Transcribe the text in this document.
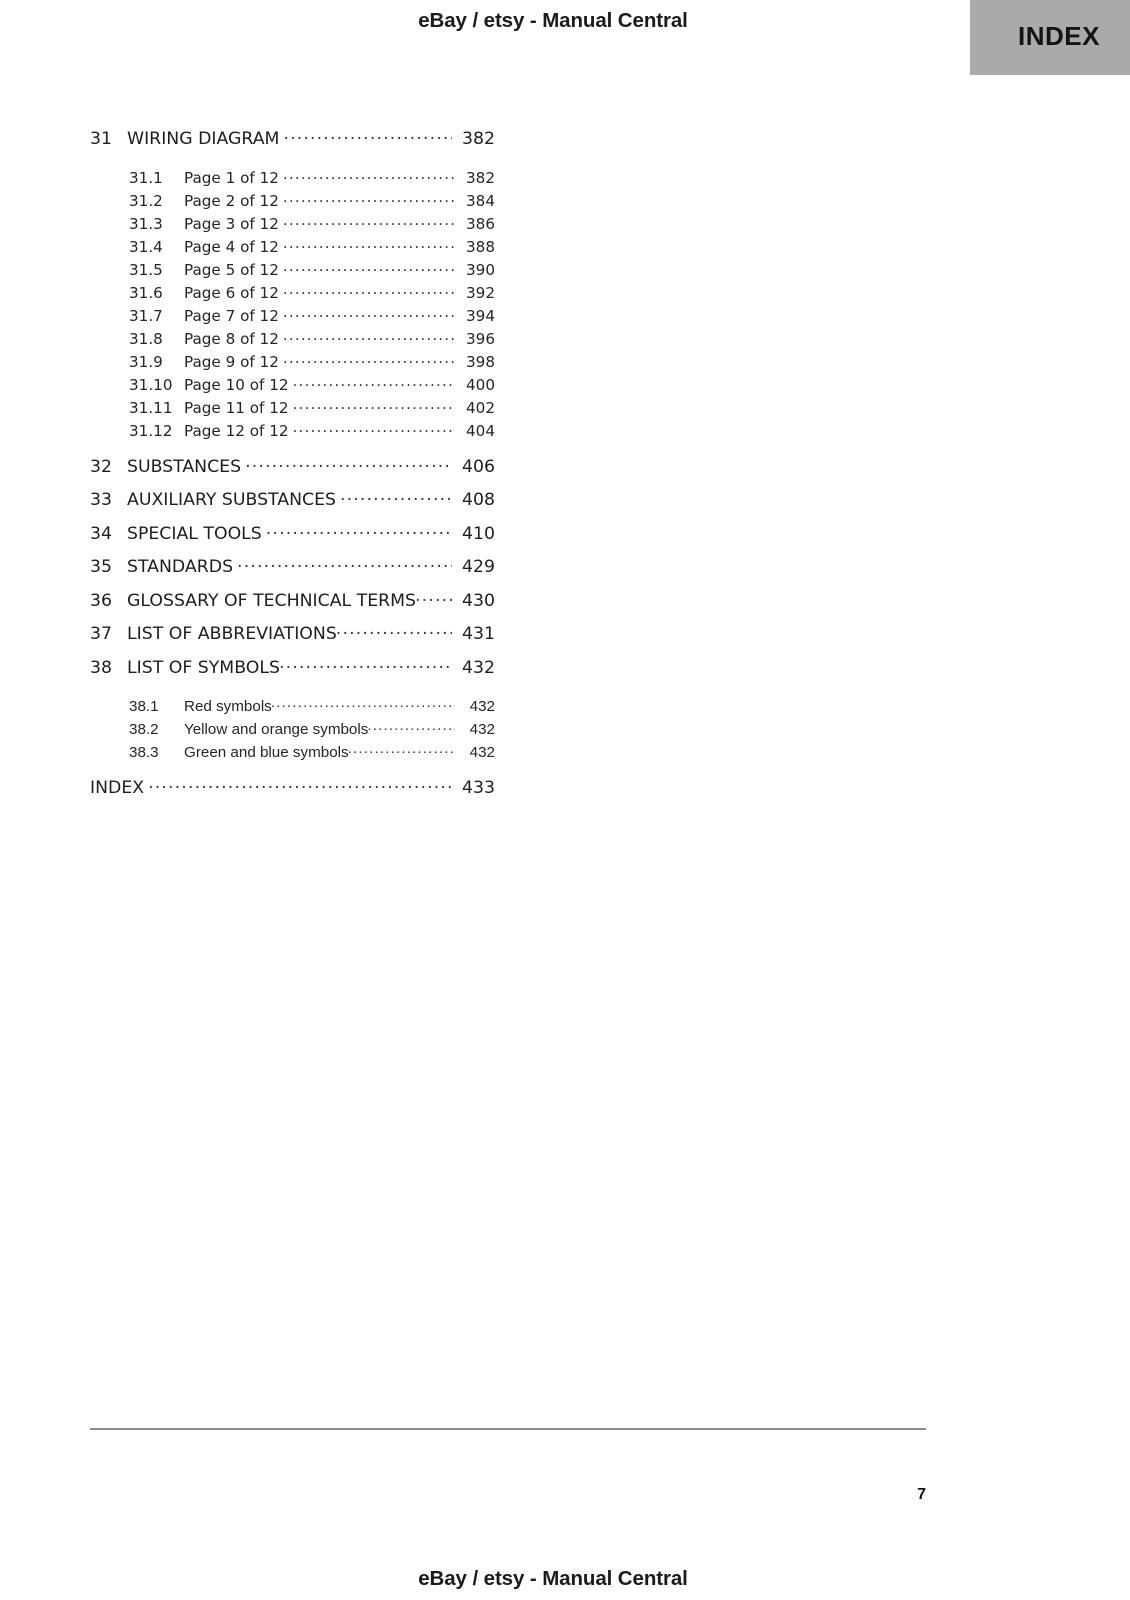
eBay / etsy - Manual Central
INDEX
31 WIRING DIAGRAM .....	382
31.1	Page 1 of 12 .....	382
31.2	Page 2 of 12 .....	384
31.3	Page 3 of 12 .....	386
31.4	Page 4 of 12 .....	388
31.5	Page 5 of 12 .....	390
31.6	Page 6 of 12 .....	392
31.7	Page 7 of 12 .....	394
31.8	Page 8 of 12 .....	396
31.9	Page 9 of 12 .....	398
31.10 Page 10 of 12 .....	400
31.11 Page 11 of 12 .....	402
31.12 Page 12 of 12 .....	404
32 SUBSTANCES .....	406
33 AUXILIARY SUBSTANCES .....	408
34 SPECIAL TOOLS .....	410
35 STANDARDS .....	429
36 GLOSSARY OF TECHNICAL TERMS .....	430
37 LIST OF ABBREVIATIONS .....	431
38 LIST OF SYMBOLS .....	432
38.1	Red symbols .....	432
38.2	Yellow and orange symbols .....	432
38.3	Green and blue symbols .....	432
INDEX .....	433
7
eBay / etsy - Manual Central
